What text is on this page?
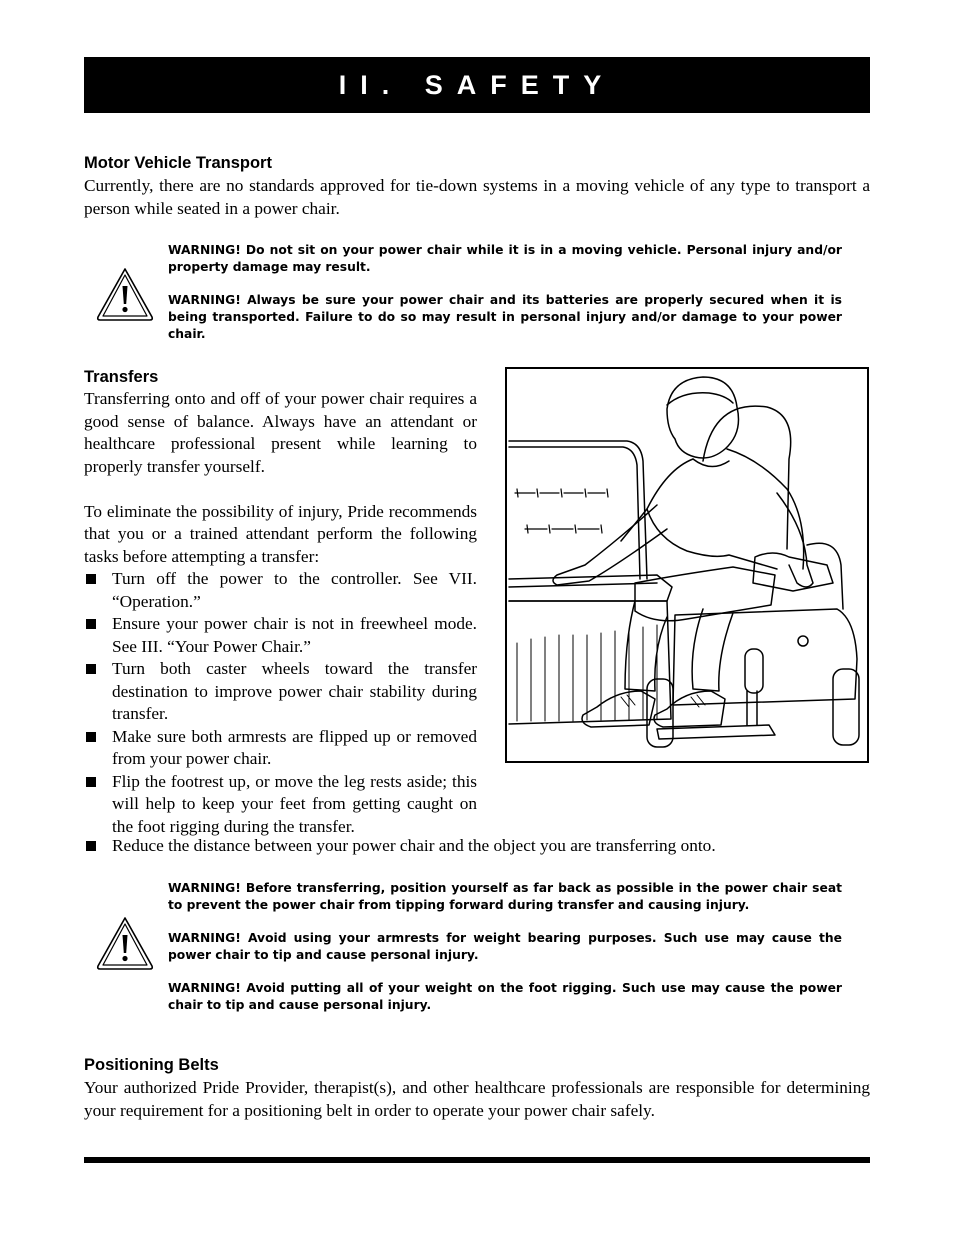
II. SAFETY
Motor Vehicle Transport
Currently, there are no standards approved for tie-down systems in a moving vehicle of any type to transport a person while seated in a power chair.

WARNING! Do not sit on your power chair while it is in a moving vehicle. Personal injury and/or property damage may result.

WARNING! Always be sure your power chair and its batteries are properly secured when it is being transported. Failure to do so may result in personal injury and/or damage to your power chair.

Transfers

Transferring onto and off of your power chair requires a good sense of balance. Always have an attendant or healthcare professional present while learning to properly transfer yourself.

To eliminate the possibility of injury, Pride recommends that you or a trained attendant perform the following tasks before attempting a transfer:

Turn off the power to the controller. See VII. “Operation.”
Ensure your power chair is not in freewheel mode. See III. “Your Power Chair.”
Turn both caster wheels toward the transfer destination to improve power chair stability during transfer.
Make sure both armrests are flipped up or removed from your power chair.
Flip the footrest up, or move the leg rests aside; this will help to keep your feet from getting caught on the foot rigging during the transfer.
Reduce the distance between your power chair and the object you are transferring onto.

WARNING! Before transferring, position yourself as far back as possible in the power chair seat to prevent the power chair from tipping forward during transfer and causing injury.

WARNING! Avoid using your armrests for weight bearing purposes. Such use may cause the power chair to tip and cause personal injury.

WARNING! Avoid putting all of your weight on the foot rigging. Such use may cause the power chair to tip and cause personal injury.

Positioning Belts
Your authorized Pride Provider, therapist(s), and other healthcare professionals are responsible for determining your requirement for a positioning belt in order to operate your power chair safely.
